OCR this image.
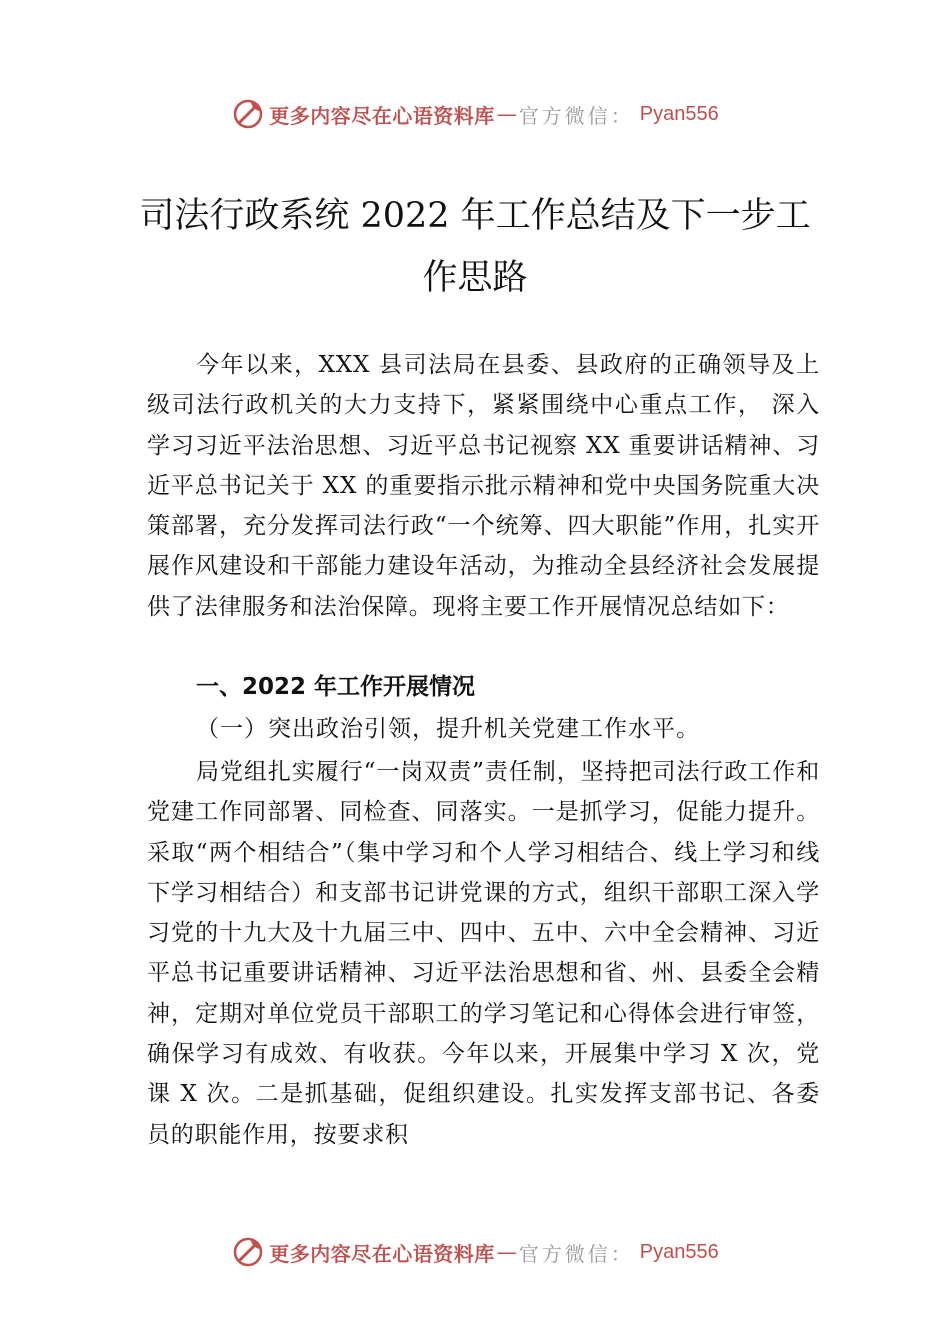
更多内容尽在心语资料库 — 官方微信： Pyan556
司法行政系统 2022 年工作总结及下一步工
作思路

今年以来，XXX 县司法局在县委、县政府的正确领导及上级司法行政机关的大力支持下，紧紧围绕中心重点工作， 深入学习习近平法治思想、习近平总书记视察 XX 重要讲话精神、习近平总书记关于 XX 的重要指示批示精神和党中央国务院重大决策部署，充分发挥司法行政“一个统筹、四大职能”作用，扎实开展作风建设和干部能力建设年活动，为推动全县经济社会发展提供了法律服务和法治保障。现将主要工作开展情况总结如下：

一、2022 年工作开展情况
（一）突出政治引领，提升机关党建工作水平。

局党组扎实履行“一岗双责”责任制，坚持把司法行政工作和党建工作同部署、同检查、同落实。一是抓学习，促能力提升。采取“两个相结合”（集中学习和个人学习相结合、线上学习和线下学习相结合）和支部书记讲党课的方式，组织干部职工深入学习党的十九大及十九届三中、四中、五中、六中全会精神、习近平总书记重要讲话精神、习近平法治思想和省、州、县委全会精神，定期对单位党员干部职工的学习笔记和心得体会进行审签，确保学习有成效、有收获。今年以来，开展集中学习 X 次，党课 X 次。二是抓基础，促组织建设。扎实发挥支部书记、各委员的职能作用，按要求积

更多内容尽在心语资料库 — 官方微信： Pyan556
